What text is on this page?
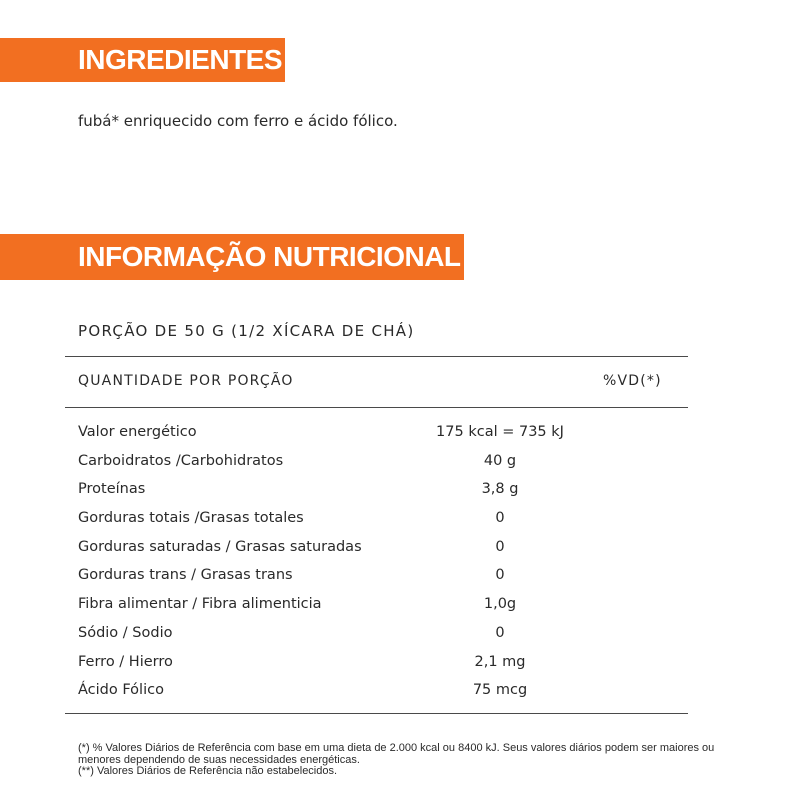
INGREDIENTES
fubá* enriquecido com ferro e ácido fólico.
INFORMAÇÃO NUTRICIONAL
PORÇÃO DE 50 G (1/2 XÍCARA DE CHÁ)
QUANTIDADE POR PORÇÃO	%VD(*)
Valor energético	175 kcal = 735 kJ
Carboidratos /Carbohidratos	40 g
Proteínas	3,8 g
Gorduras totais /Grasas totales	0
Gorduras saturadas / Grasas saturadas	0
Gorduras trans / Grasas trans	0
Fibra alimentar / Fibra alimenticia	1,0g
Sódio / Sodio	0
Ferro / Hierro	2,1 mg
Ácido Fólico	75 mcg
(*) % Valores Diários de Referência com base em uma dieta de 2.000 kcal ou 8400 kJ. Seus valores diários podem ser maiores ou menores dependendo de suas necessidades energéticas.
(**) Valores Diários de Referência não estabelecidos.
